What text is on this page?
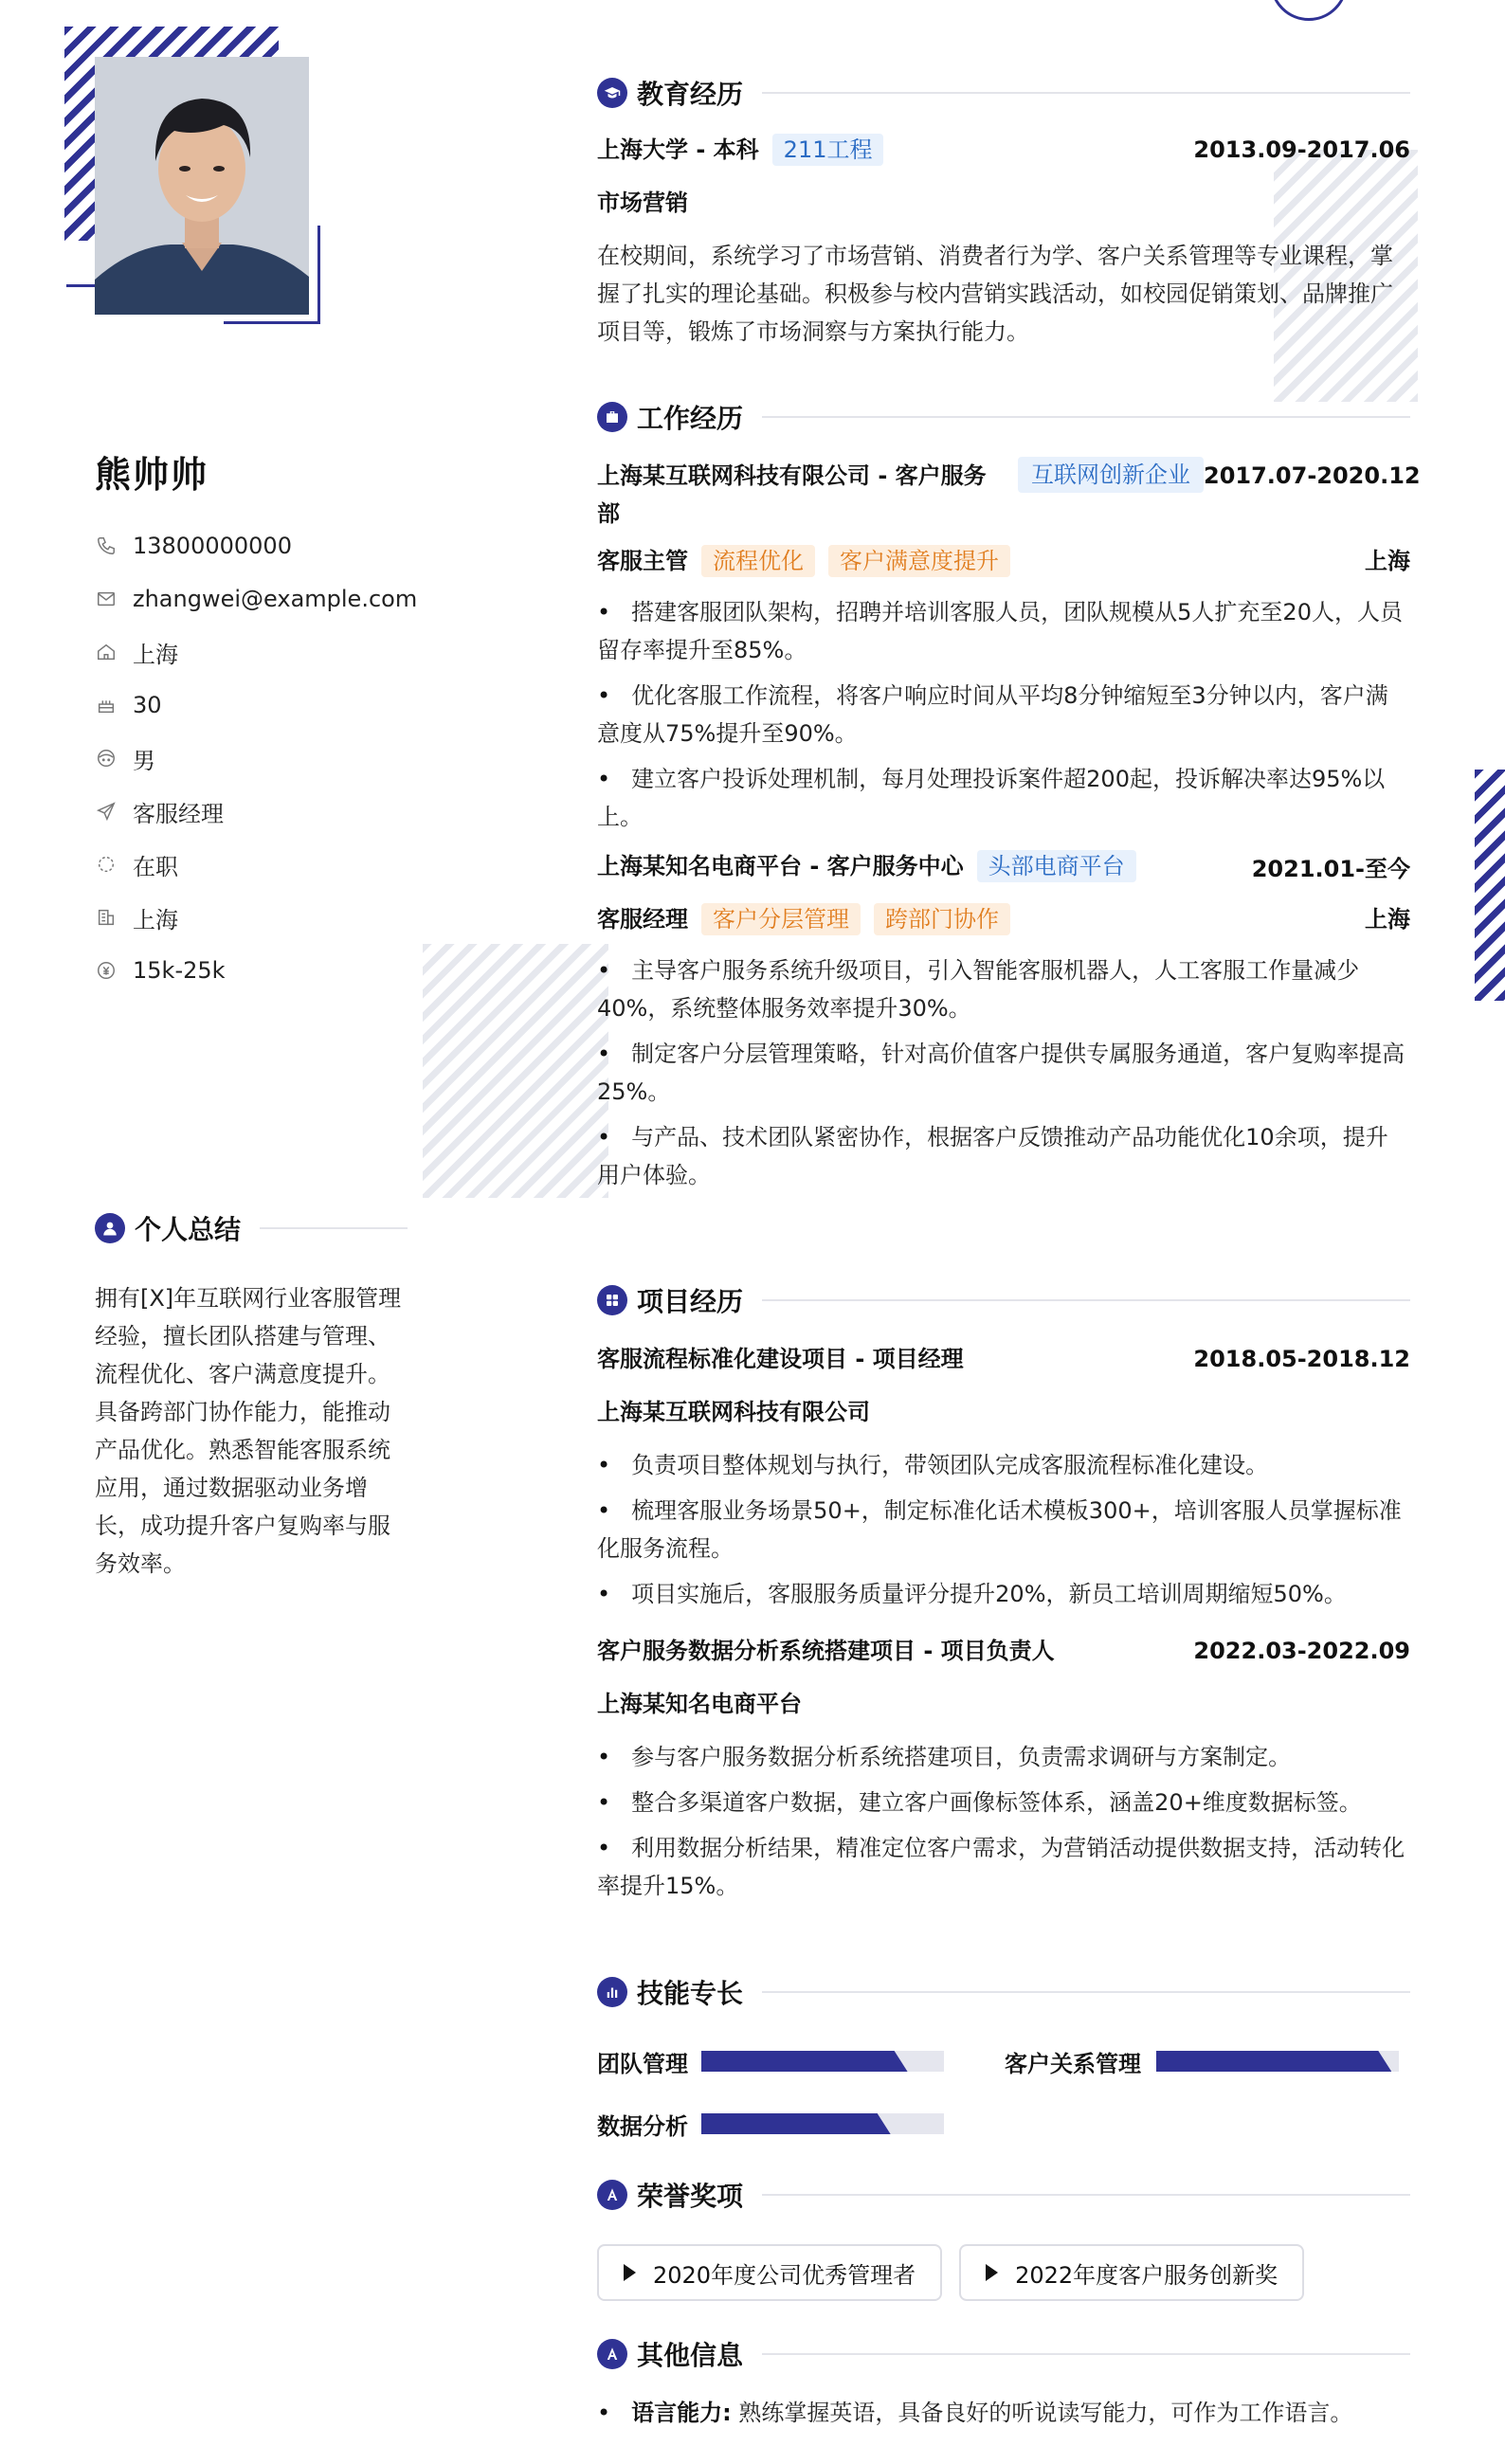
熊帅帅
13800000000
zhangwei@example.com
上海
30
男
客服经理
在职
上海
15k-25k
个人总结
拥有[X]年互联网行业客服管理经验，擅长团队搭建与管理、流程优化、客户满意度提升。具备跨部门协作能力，能推动产品优化。熟悉智能客服系统应用，通过数据驱动业务增长，成功提升客户复购率与服务效率。
教育经历
上海大学 - 本科	211工程	2013.09-2017.06
市场营销
在校期间，系统学习了市场营销、消费者行为学、客户关系管理等专业课程，掌握了扎实的理论基础。积极参与校内营销实践活动，如校园促销策划、品牌推广项目等，锻炼了市场洞察与方案执行能力。
工作经历
上海某互联网科技有限公司 - 客户服务部
互联网创新企业 2017.07-2020.12
客服主管	流程优化	客户满意度提升	上海
• 搭建客服团队架构，招聘并培训客服人员，团队规模从5人扩充至20人，人员留存率提升至85%。
• 优化客服工作流程，将客户响应时间从平均8分钟缩短至3分钟以内，客户满意度从75%提升至90%。
• 建立客户投诉处理机制，每月处理投诉案件超200起，投诉解决率达95%以上。
上海某知名电商平台 - 客户服务中心	头部电商平台	2021.01-至今
客服经理	客户分层管理	跨部门协作	上海
• 主导客户服务系统升级项目，引入智能客服机器人，人工客服工作量减少40%，系统整体服务效率提升30%。
• 制定客户分层管理策略，针对高价值客户提供专属服务通道，客户复购率提高25%。
• 与产品、技术团队紧密协作，根据客户反馈推动产品功能优化10余项，提升用户体验。
项目经历
客服流程标准化建设项目 - 项目经理	2018.05-2018.12
上海某互联网科技有限公司
• 负责项目整体规划与执行，带领团队完成客服流程标准化建设。
• 梳理客服业务场景50+，制定标准化话术模板300+，培训客服人员掌握标准化服务流程。
• 项目实施后，客服服务质量评分提升20%，新员工培训周期缩短50%。
客户服务数据分析系统搭建项目 - 项目负责人	2022.03-2022.09
上海某知名电商平台
• 参与客户服务数据分析系统搭建项目，负责需求调研与方案制定。
• 整合多渠道客户数据，建立客户画像标签体系，涵盖20+维度数据标签。
• 利用数据分析结果，精准定位客户需求，为营销活动提供数据支持，活动转化率提升15%。
技能专长
团队管理	客户关系管理
数据分析
荣誉奖项
2020年度公司优秀管理者	2022年度客户服务创新奖
其他信息
• 语言能力: 熟练掌握英语，具备良好的听说读写能力，可作为工作语言。
